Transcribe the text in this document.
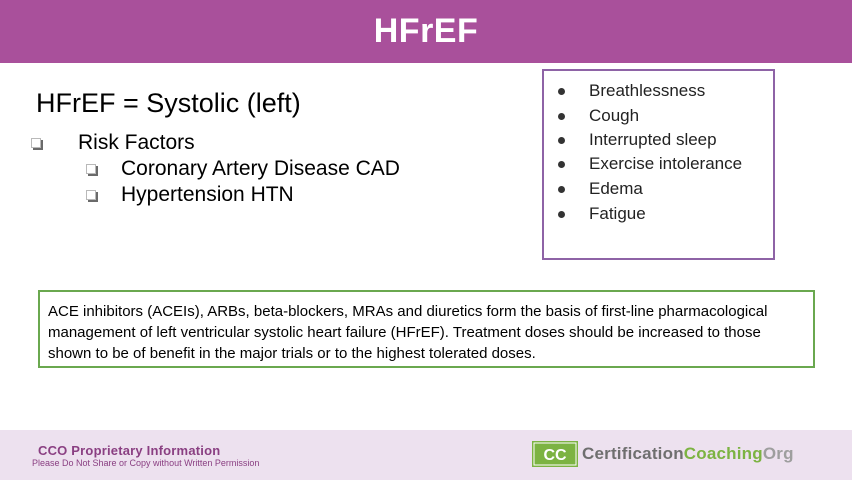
HFrEF
HFrEF = Systolic (left)
Risk Factors
Coronary Artery Disease CAD
Hypertension HTN
Breathlessness
Cough
Interrupted sleep
Exercise intolerance
Edema
Fatigue
ACE inhibitors (ACEIs), ARBs, beta-blockers, MRAs and diuretics form the basis of first-line pharmacological management of left ventricular systolic heart failure (HFrEF). Treatment doses should be increased to those shown to be of benefit in the major trials or to the highest tolerated doses.
CCO Proprietary Information
Please Do Not Share or Copy without Written Permission	CC CertificationCoachingOrg
